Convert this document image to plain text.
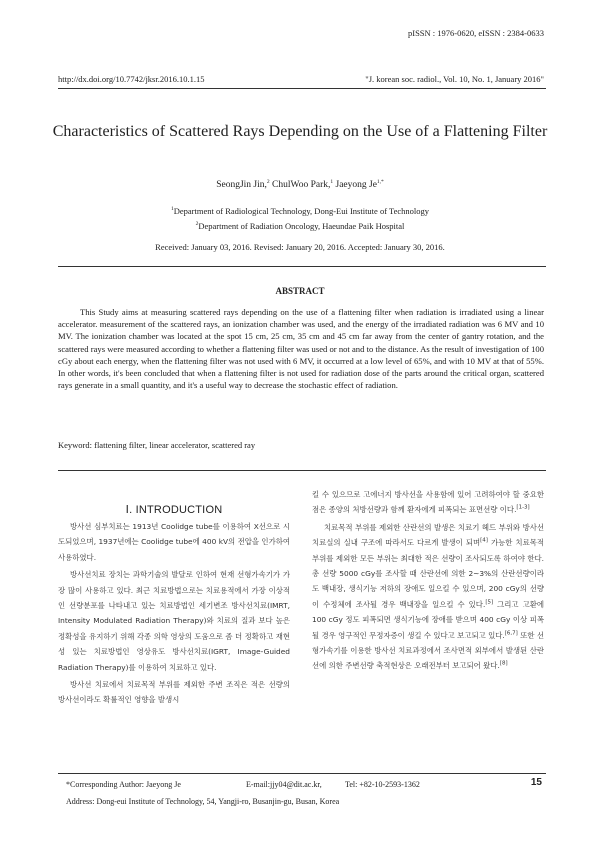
pISSN : 1976-0620, eISSN : 2384-0633
http://dx.doi.org/10.7742/jksr.2016.10.1.15	"J. korean soc. radiol., Vol. 10, No. 1, January 2016"
Characteristics of Scattered Rays Depending on the Use of a Flattening Filter
SeongJin Jin,$^2$ ChulWoo Park,$^1$ Jaeyong $Je^{1,*}$
$^1$Department of Radiological Technology, Dong-Eui Institute of Technology
$^2$Department of Radiation Oncology, Haeundae Paik Hospital
Received: January 03, 2016. Revised: January 20, 2016. Accepted: January 30, 2016.
ABSTRACT

This Study aims at measuring scattered rays depending on the use of a flattening filter when radiation is irradiated using a linear accelerator. measurement of the scattered rays, an ionization chamber was used, and the energy of the irradiated radiation was 6 MV and 10 MV. The ionization chamber was located at the spot 15 cm, 25 cm, 35 cm and 45 cm far away from the center of gantry rotation, and the scattered rays were measured according to whether a flattening filter was used or not and to the distance. As the result of investigation of 100 cGy about each energy, when the flattening filter was not used with 6 MV, it occurred at a low level of 65%, and with 10 MV at that of 55%. In other words, it's been concluded that when a flattening filter is not used for radiation dose of the parts around the critical organ, scattered rays generate in a small quantity, and it's a useful way to decrease the stochastic effect of radiation.

Keyword: flattening filter, linear accelerator, scattered ray
Ⅰ. INTRODUCTION

방사선 심부치료는 1913년 Coolidge tube를 이용하여 X선으로 시도되었으며, 1937년에는 Coolidge tube에 400 kV의 전압을 인가하여 사용하였다.

방사선치료 장치는 과학기술의 발달로 인하여 현재 선형가속기가 가장 많이 사용하고 있다. 최근 치료방법으로는 치료용적에서 가장 이상적인 선량분포를 나타내고 있는 치료방법인 세기변조 방사선치료(IMRT, Intensity Modulated Radiation Therapy)와 치료의 질과 보다 높은 정확성을 유지하기 위해 각종 의학 영상의 도움으로 좀 더 정확하고 재현성 있는 치료방법인 영상유도 방사선치료(IGRT, Image-Guided Radiation Therapy)를 이용하여 치료하고 있다.

방사선 치료에서 치료목적 부위를 제외한 주변 조직은 적은 선량의 방사선이라도 확률적인 영향을 발생시

킬 수 있으므로 고에너지 방사선을 사용함에 있어 고려하여야 할 중요한 점은 종양의 처방선량과 함께 환자에게 피폭되는 표면선량 이다.[1-3]

치료목적 부위를 제외한 산란선의 발생은 치료기 헤드 부위와 방사선 치료실의 실내 구조에 따라서도 다르게 발생이 되며[4] 가능한 치료목적 부위를 제외한 모든 부위는 최대한 적은 선량이 조사되도록 하여야 한다. 총 선량 5000 cGy를 조사할 때 산란선에 의한 2~3%의 산란선량이라도 백내장, 생식기능 저하의 장애도 일으킬 수 있으며, 200 cGy의 선량이 수정체에 조사될 경우 백내장을 일으킬 수 있다.[5] 그리고 고환에 100 cGy 정도 피폭되면 생식기능에 장애를 받으며 400 cGy 이상 피폭될 경우 영구적인 무정자증이 생길 수 있다고 보고되고 있다.[6,7] 또한 선형가속기를 이용한 방사선 치료과정에서 조사면적 외부에서 발생된 산란선에 의한 주변선량 축적현상은 오래전부터 보고되어 왔다.[8]

*Corresponding Author: Jaeyong Je	E-mail:jjy04@dit.ac.kr,	Tel: +82-10-2593-1362
Address: Dong-eui Institute of Technology, 54, Yangji-ro, Busanjin-gu, Busan, Korea
15
